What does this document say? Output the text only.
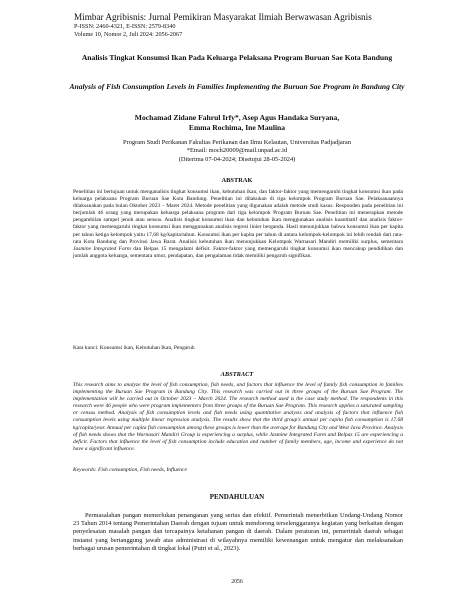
Mimbar Agribisnis: Jurnal Pemikiran Masyarakat Ilmiah Berwawasan Agribisnis
P-ISSN: 2460-4321, E-ISSN: 2579-8340
Volume 10, Nomor 2, Juli 2024: 2056-2067
Analisis Tingkat Konsumsi Ikan Pada Keluarga Pelaksana Program Buruan Sae Kota Bandung
Analysis of Fish Consumption Levels in Families Implementing the Buruan Sae Program in Bandung City
Mochamad Zidane Fahrul Irfy*, Asep Agus Handaka Suryana,
Emma Rochima, Ine Maulina
Program Studi Perikanan Fakultas Perikanan dan Ilmu Kelautan, Universitas Padjadjaran
*Email: moch20009@mail.unpad.ac.id
(Diterima 07-04-2024; Disetujui 28-05-2024)
ABSTRAK

Penelitian ini bertujuan untuk menganalisis tingkat konsumsi ikan, kebutuhan ikan, dan faktor-faktor yang memengaruhi tingkat konsumsi ikan pada keluarga pelaksana Program Buruan Sae Kota Bandung. Penelitian ini dilakukan di tiga kelompok Program Buruan Sae. Pelaksanaannya dilaksanakan pada bulan Oktober 2023 – Maret 2024. Metode penelitian yang digunakan adalah metode studi kasus. Responden pada penelitian ini berjumlah 46 orang yang merupakan keluarga pelaksana program dari tiga kelompok Program Buruan Sae. Penelitian ini menerapkan metode pengambilan sampel jenuh atau sensus. Analisis tingkat konsumsi ikan dan kebutuhan ikan menggunakan analisis kuantitatif dan analisis faktor-faktor yang memengaruhi tingkat konsumsi ikan menggunakan analisis regresi linier berganda. Hasil menunjukkan bahwa konsumsi ikan per kapita per tahun ketiga kelompok yaitu 17,68 kg/kapita/tahun. Konsumsi ikan per kapita per tahun di antara kelompok-kelompok ini lebih rendah dari rata-rata Kota Bandung dan Provinsi Jawa Barat. Analisis kebutuhan ikan menunjukkan Kelompok Warnasari Mandiri memiliki surplus, sementara Jasmine Integrated Farm dan Belpas 15 mengalami defisit. Faktor-faktor yang memengaruhi tingkat konsumsi ikan mencakup pendidikan dan jumlah anggota keluarga, sementara umur, pendapatan, dan pengalaman tidak memiliki pengaruh signifikan.

Kata kunci: Konsumsi ikan, Kebutuhan Ikan, Pengaruh
ABSTRACT

This research aims to analyze the level of fish consumption, fish needs, and factors that influence the level of family fish consumption in families implementing the Buruan Sae Program in Bandung City. This research was carried out in three groups of the Buruan Sae Program. The implementation will be carried out in October 2023 – March 2024. The research method used is the case study method. The respondents in this research were 46 people who were program implementers from three groups of the Buruan Sae Program. This research applies a saturated sampling or census method. Analysis of fish consumption levels and fish needs using quantitative analysis and analysis of factors that influence fish consumption levels using multiple linear regression analysis. The results show that the third group's annual per capita fish consumption is 17.68 kg/capita/year. Annual per capita fish consumption among these groups is lower than the average for Bandung City and West Java Province. Analysis of fish needs shows that the Warnasari Mandiri Group is experiencing a surplus, while Jasmine Integrated Farm and Belpas 15 are experiencing a deficit. Factors that influence the level of fish consumption include education and number of family members, age, income and experience do not have a significant influence.

Keywords: Fish consumption, Fish needs, Influence
PENDAHULUAN
Permasalahan pangan memerlukan penanganan yang serius dan efektif. Pemerintah menerbitkan Undang-Undang Nomor 23 Tahun 2014 tentang Pemerintahan Daerah dengan tujuan untuk mendorong terselenggaranya kegiatan yang berkaitan dengan penyelesaian masalah pangan dan tercapainya ketahanan pangan di daerah. Dalam peraturan ini, pemerintah daerah sebagai instansi yang bertanggung jawab atas administrasi di wilayahnya memiliki kewenangan untuk mengatur dan melaksanakan berbagai urusan pemerintahan di tingkat lokal (Putri et al., 2023).
2056
